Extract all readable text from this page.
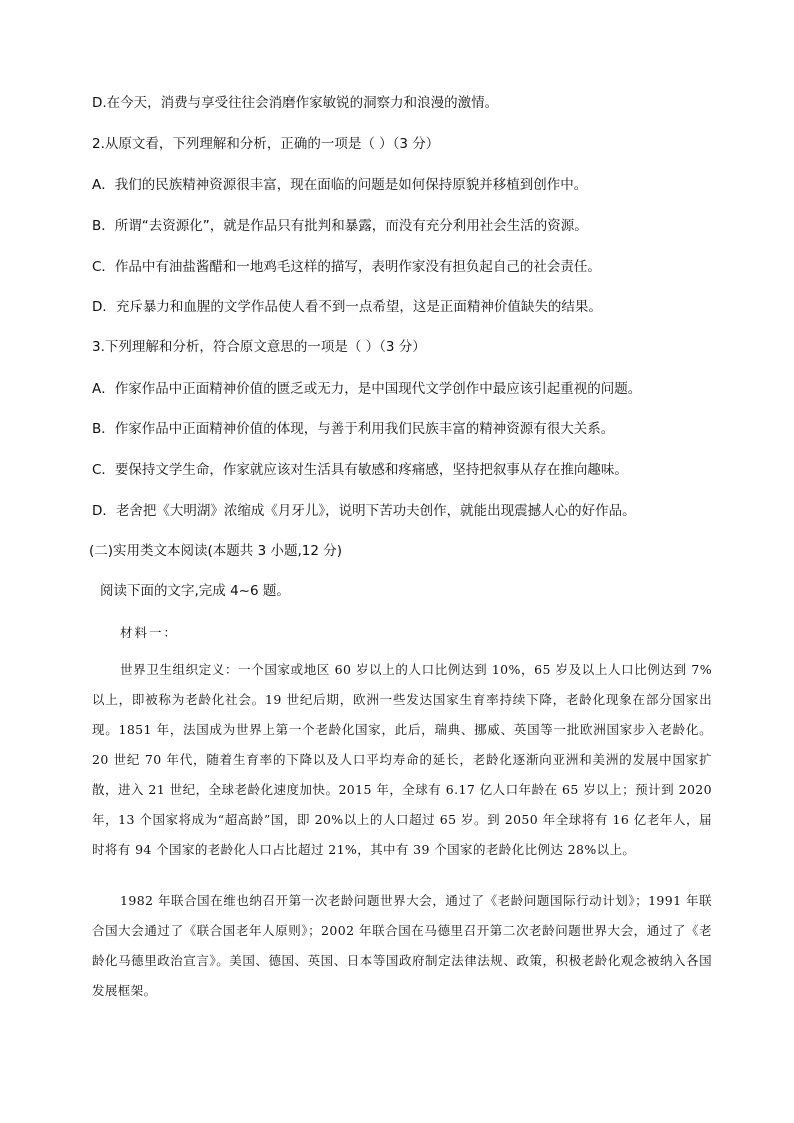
D.在今天，消费与享受往往会消磨作家敏锐的洞察力和浪漫的激情。
2.从原文看，下列理解和分析，正确的一项是（ ）（3 分）
A．我们的民族精神资源很丰富，现在面临的问题是如何保持原貌并移植到创作中。
B．所谓“去资源化”，就是作品只有批判和暴露，而没有充分利用社会生活的资源。
C．作品中有油盐酱醋和一地鸡毛这样的描写，表明作家没有担负起自己的社会责任。
D．充斥暴力和血腥的文学作品使人看不到一点希望，这是正面精神价值缺失的结果。
3.下列理解和分析，符合原文意思的一项是（ ）（3 分）
A．作家作品中正面精神价值的匮乏或无力，是中国现代文学创作中最应该引起重视的问题。
B．作家作品中正面精神价值的体现，与善于利用我们民族丰富的精神资源有很大关系。
C．要保持文学生命，作家就应该对生活具有敏感和疼痛感，坚持把叙事从存在推向趣味。
D．老舍把《大明湖》浓缩成《月牙儿》，说明下苦功夫创作，就能出现震撼人心的好作品。
(二)实用类文本阅读(本题共 3 小题,12 分)
阅读下面的文字,完成 4~6 题。
材料一：

世界卫生组织定义：一个国家或地区 60 岁以上的人口比例达到 10%，65 岁及以上人口比例达到 7%以上，即被称为老龄化社会。19 世纪后期，欧洲一些发达国家生育率持续下降，老龄化现象在部分国家出现。1851 年，法国成为世界上第一个老龄化国家，此后，瑞典、挪威、英国等一批欧洲国家步入老龄化。20 世纪 70 年代，随着生育率的下降以及人口平均寿命的延长，老龄化逐渐向亚洲和美洲的发展中国家扩散，进入 21 世纪，全球老龄化速度加快。2015 年，全球有 6.17 亿人口年龄在 65 岁以上；预计到 2020 年，13 个国家将成为“超高龄”国，即 20%以上的人口超过 65 岁。到 2050 年全球将有 16 亿老年人，届时将有 94 个国家的老龄化人口占比超过 21%，其中有 39 个国家的老龄化比例达 28%以上。

1982 年联合国在维也纳召开第一次老龄问题世界大会，通过了《老龄问题国际行动计划》；1991 年联合国大会通过了《联合国老年人原则》；2002 年联合国在马德里召开第二次老龄问题世界大会，通过了《老龄化马德里政治宣言》。美国、德国、英国、日本等国政府制定法律法规、政策，积极老龄化观念被纳入各国发展框架。
